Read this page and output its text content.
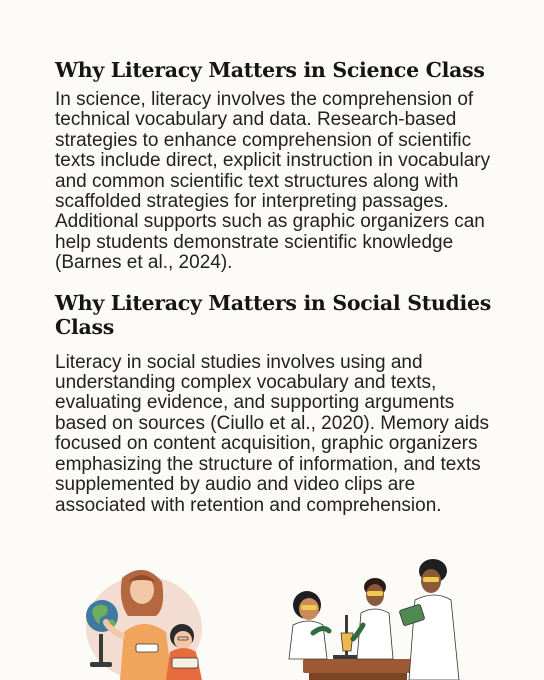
Why Literacy Matters in Science Class

In science, literacy involves the comprehension of technical vocabulary and data. Research-based strategies to enhance comprehension of scientific texts include direct, explicit instruction in vocabulary and common scientific text structures along with scaffolded strategies for interpreting passages. Additional supports such as graphic organizers can help students demonstrate scientific knowledge (Barnes et al., 2024).

Why Literacy Matters in Social Studies Class

Literacy in social studies involves using and understanding complex vocabulary and texts, evaluating evidence, and supporting arguments based on sources (Ciullo et al., 2020). Memory aids focused on content acquisition, graphic organizers emphasizing the structure of information, and texts supplemented by audio and video clips are associated with retention and comprehension.
